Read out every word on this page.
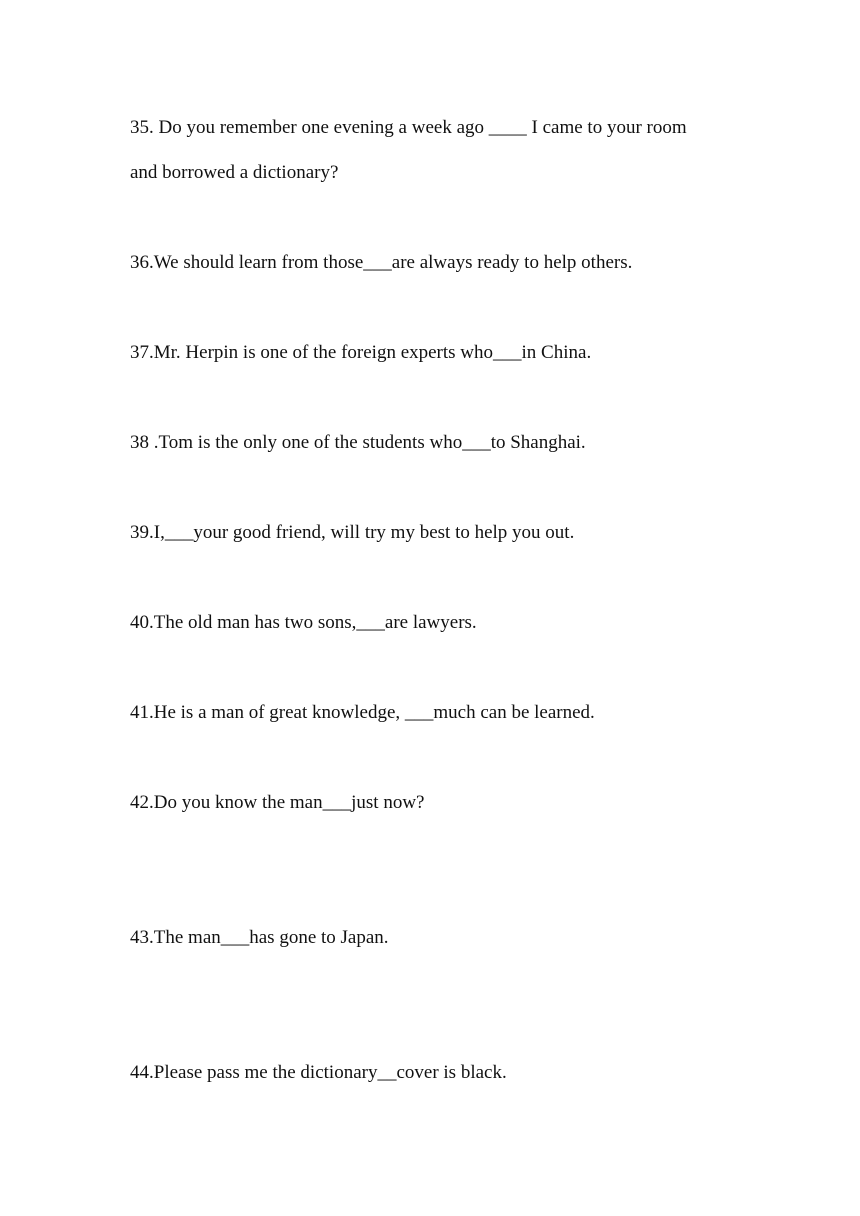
35. Do you remember one evening a week ago ____ I came to your room
and borrowed a dictionary?

36.We should learn from those___are always ready to help others.

37.Mr. Herpin is one of the foreign experts who___in China.

38 .Tom is the only one of the students who___to Shanghai.

39.I,___your good friend, will try my best to help you out.

40.The old man has two sons,___are lawyers.

41.He is a man of great knowledge, ___much can be learned.

42.Do you know the man___just now?

43.The man___has gone to Japan.

44.Please pass me the dictionary__cover is black.
